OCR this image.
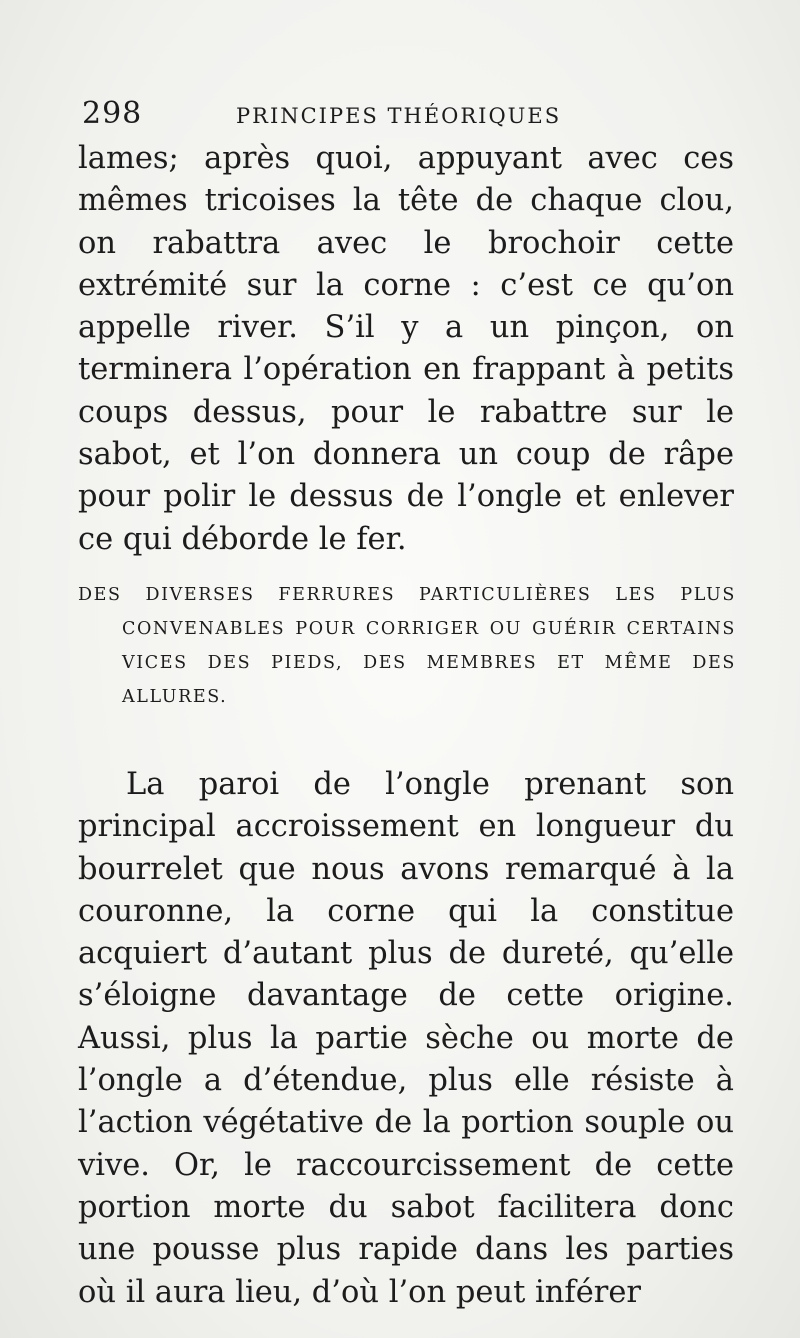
298	PRINCIPES THÉORIQUES

lames; après quoi, appuyant avec ces mêmes tricoises la tête de chaque clou, on rabattra avec le brochoir cette extrémité sur la corne : c’est ce qu’on appelle river. S’il y a un pinçon, on terminera l’opération en frappant à petits coups dessus, pour le rabattre sur le sabot, et l’on donnera un coup de râpe pour polir le dessus de l’ongle et enlever ce qui déborde le fer.

DES DIVERSES FERRURES PARTICULIÈRES LES PLUS CONVENABLES POUR CORRIGER OU GUÉRIR CERTAINS VICES DES PIEDS, DES MEMBRES ET MÊME DES ALLURES.

La paroi de l’ongle prenant son principal accroissement en longueur du bourrelet que nous avons remarqué à la couronne, la corne qui la constitue acquiert d’autant plus de dureté, qu’elle s’éloigne davantage de cette origine. Aussi, plus la partie sèche ou morte de l’ongle a d’étendue, plus elle résiste à l’action végétative de la portion souple ou vive. Or, le raccourcissement de cette portion morte du sabot facilitera donc une pousse plus rapide dans les parties où il aura lieu, d’où l’on peut inférer
